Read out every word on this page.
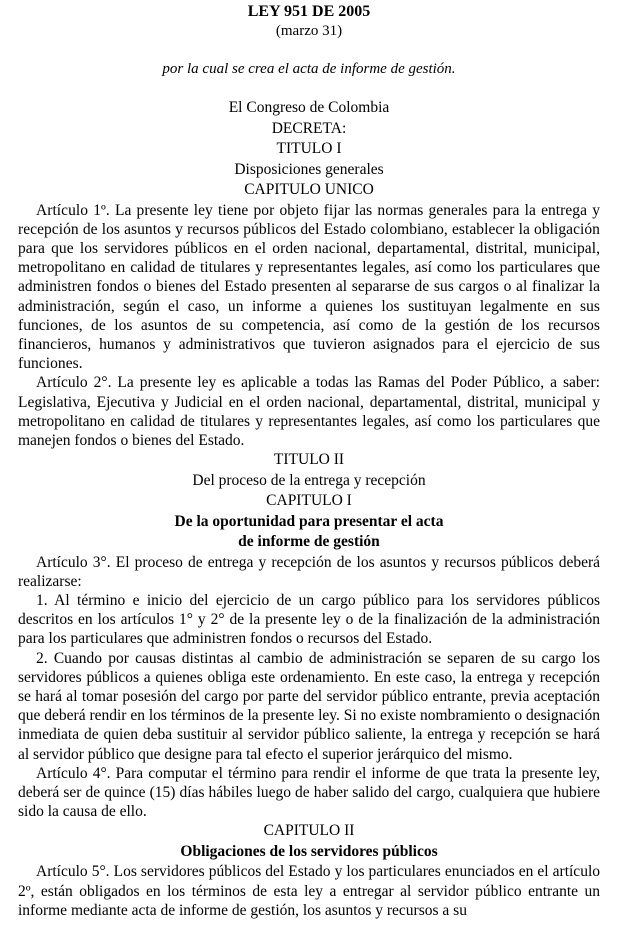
LEY 951 DE 2005
(marzo 31)
por la cual se crea el acta de informe de gestión.
El Congreso de Colombia
DECRETA:
TITULO I
Disposiciones generales
CAPITULO UNICO

Artículo 1º. La presente ley tiene por objeto fijar las normas generales para la entrega y recepción de los asuntos y recursos públicos del Estado colombiano, establecer la obligación para que los servidores públicos en el orden nacional, departamental, distrital, municipal, metropolitano en calidad de titulares y representantes legales, así como los particulares que administren fondos o bienes del Estado presenten al separarse de sus cargos o al finalizar la administración, según el caso, un informe a quienes los sustituyan legalmente en sus funciones, de los asuntos de su competencia, así como de la gestión de los recursos financieros, humanos y administrativos que tuvieron asignados para el ejercicio de sus funciones.

Artículo 2°. La presente ley es aplicable a todas las Ramas del Poder Público, a saber: Legislativa, Ejecutiva y Judicial en el orden nacional, departamental, distrital, municipal y metropolitano en calidad de titulares y representantes legales, así como los particulares que manejen fondos o bienes del Estado.

TITULO II
Del proceso de la entrega y recepción
CAPITULO I
De la oportunidad para presentar el acta
de informe de gestión

Artículo 3°. El proceso de entrega y recepción de los asuntos y recursos públicos deberá realizarse:

1. Al término e inicio del ejercicio de un cargo público para los servidores públicos descritos en los artículos 1° y 2° de la presente ley o de la finalización de la administración para los particulares que administren fondos o recursos del Estado.

2. Cuando por causas distintas al cambio de administración se separen de su cargo los servidores públicos a quienes obliga este ordenamiento. En este caso, la entrega y recepción se hará al tomar posesión del cargo por parte del servidor público entrante, previa aceptación que deberá rendir en los términos de la presente ley. Si no existe nombramiento o designación inmediata de quien deba sustituir al servidor público saliente, la entrega y recepción se hará al servidor público que designe para tal efecto el superior jerárquico del mismo.

Artículo 4°. Para computar el término para rendir el informe de que trata la presente ley, deberá ser de quince (15) días hábiles luego de haber salido del cargo, cualquiera que hubiere sido la causa de ello.

CAPITULO II
Obligaciones de los servidores públicos

Artículo 5°. Los servidores públicos del Estado y los particulares enunciados en el artículo 2º, están obligados en los términos de esta ley a entregar al servidor público entrante un informe mediante acta de informe de gestión, los asuntos y recursos a su
